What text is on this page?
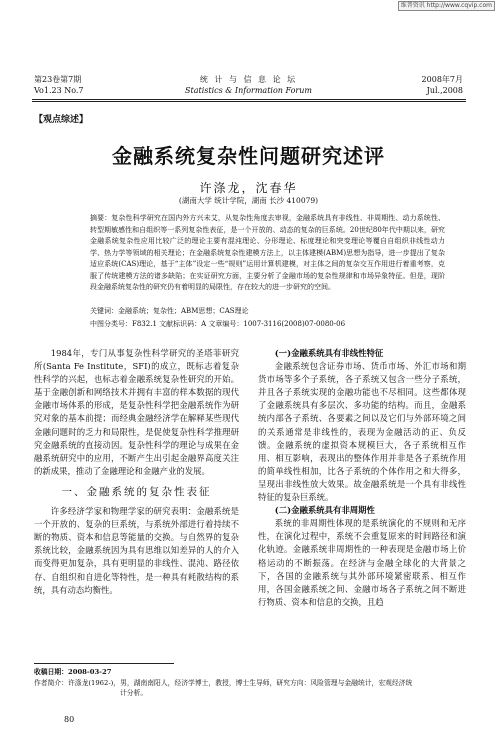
维普资讯 http://www.cqvip.com
第23卷第7期
Vo1.23 No.7
统 计 与 信 息 论 坛
Statistics & Information Forum
2008年7月
Jul.,2008
【观点综述】
金融系统复杂性问题研究述评
许涤龙，沈春华
(湖南大学 统计学院，湖南 长沙 410079)
摘要：复杂性科学研究在国内外方兴未艾，从复杂性角度去审视，金融系统具有非线性、非周期性、动力系统性、转型期敏感性和自组织等一系列复杂性表征，是一个开放的、动态的复杂的巨系统。20世纪80年代中期以来，研究金融系统复杂性应用比较广泛的理论主要有混沌理论、分形理论、标度理论和突变理论等覆自自组织非线性动力学、热力学等领域的相关理论；在金融系统复杂性建模方法上，以主体建模(ABM)思想为指导，进一步提出了复杂适应系统(CAS)理论，基于“主体”设定一些“规则”运用计算机建模，对主体之间的复杂交互作用进行着重考察，克服了传统建模方法的诸多缺陷；在实证研究方面，主要分析了金融市场的复杂性规律和市场异象特征。但是，现阶段金融系统复杂性的研究仍有着明显的局限性，存在较大的进一步研究的空间。
关键词：金融系统；复杂性；ABM思想；CAS理论
中图分类号：F832.1 文献标识码：A 文章编号：1007-3116(2008)07-0080-06

1984年，专门从事复杂性科学研究的圣塔菲研究所(Santa Fe Institute，SFI)的成立，既标志着复杂性科学的兴起，也标志着金融系统复杂性研究的开始。基于金融创新和网络技术并拥有丰富的样本数据的现代金融市场体系的形成，是复杂性科学把金融系统作为研究对象的基本前提；而经典金融经济学在解释某些现代金融问题时的乏力和局限性，是促使复杂性科学推理研究金融系统的直接动因。复杂性科学的理论与成果在金融系统研究中的应用，不断产生出引起金融界高度关注的新成果，推动了金融理论和金融产业的发展。

一、金融系统的复杂性表征

许多经济学家和物理学家的研究表明：金融系统是一个开放的、复杂的巨系统，与系统外部进行着持续不断的物质、资本和信息等能量的交换。与自然界的复杂系统比较，金融系统因为具有思维以知差异的人的介入而变得更加复杂，具有更明显的非线性、混沌、路径依存、自组织和自进化等特性，是一种具有耗散结构的系统，具有动态均衡性。

(一)金融系统具有非线性特征

金融系统包含证券市场、货币市场、外汇市场和期货市场等多个子系统，各子系统又包含一些分子系统，并且各子系统实现的金融功能也不尽相同。这些都体现了金融系统具有多层次、多功能的结构。而且，金融系统内部各子系统、各要素之间以及它们与外部环境之间的关系通常是非线性的，表现为金融活动的正、负反馈。金融系统的虚拟资本规模巨大，各子系统相互作用、相互影响，表现出的整体作用并非是各子系统作用的简单线性相加，比各子系统的个体作用之和大得多，呈现出非线性放大效果。故金融系统是一个具有非线性特征的复杂巨系统。

(二)金融系统具有非周期性

系统的非周期性体现的是系统演化的不规则和无序性，在演化过程中，系统不会重复原来的时间路径和演化轨迹。金融系统非周期性的一种表现是金融市场上价格运动的不断振荡。在经济与金融全球化的大背景之下，各国的金融系统与其外部环境紧密联系、相互作用，各国金融系统之间、金融市场各子系统之间不断进行物质、资本和信息的交换，且趋

收稿日期：2008-03-27
作者简介：许涤龙(1962-)，男，湖南南阳人，经济学博士，教授，博士生导师，研究方向：风险管理与金融统计，宏观经济统
计分析。
80
